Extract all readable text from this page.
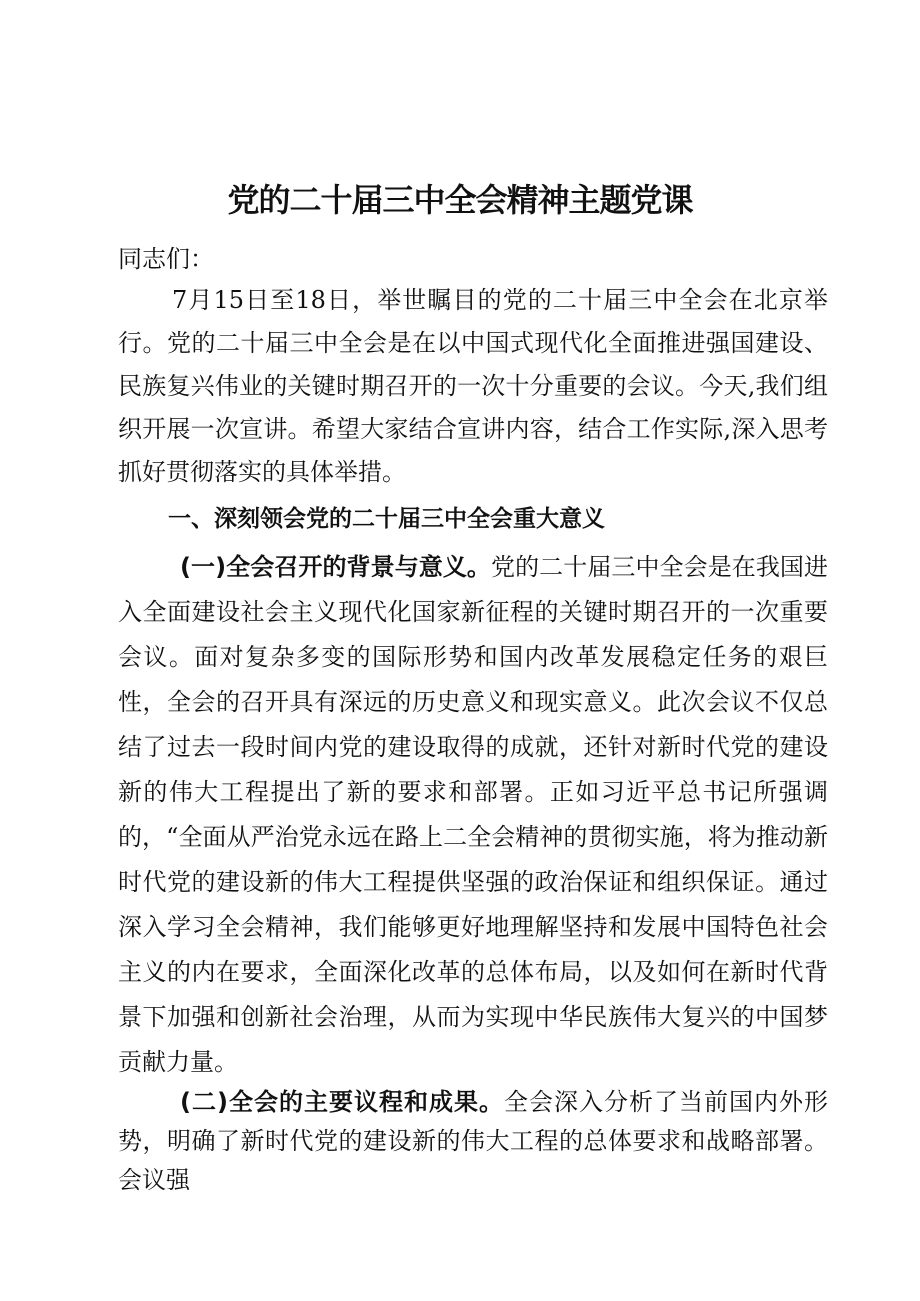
党的二十届三中全会精神主题党课

同志们：

7月15日至18日，举世瞩目的党的二十届三中全会在北京举行。党的二十届三中全会是在以中国式现代化全面推进强国建设、民族复兴伟业的关键时期召开的一次十分重要的会议。今天,我们组织开展一次宣讲。希望大家结合宣讲内容，结合工作实际,深入思考抓好贯彻落实的具体举措。

一、深刻领会党的二十届三中全会重大意义

(一)全会召开的背景与意义。党的二十届三中全会是在我国进入全面建设社会主义现代化国家新征程的关键时期召开的一次重要会议。面对复杂多变的国际形势和国内改革发展稳定任务的艰巨性，全会的召开具有深远的历史意义和现实意义。此次会议不仅总结了过去一段时间内党的建设取得的成就，还针对新时代党的建设新的伟大工程提出了新的要求和部署。正如习近平总书记所强调的，“全面从严治党永远在路上二全会精神的贯彻实施，将为推动新时代党的建设新的伟大工程提供坚强的政治保证和组织保证。通过深入学习全会精神，我们能够更好地理解坚持和发展中国特色社会主义的内在要求，全面深化改革的总体布局，以及如何在新时代背景下加强和创新社会治理，从而为实现中华民族伟大复兴的中国梦贡献力量。

(二)全会的主要议程和成果。全会深入分析了当前国内外形势，明确了新时代党的建设新的伟大工程的总体要求和战略部署。会议强
